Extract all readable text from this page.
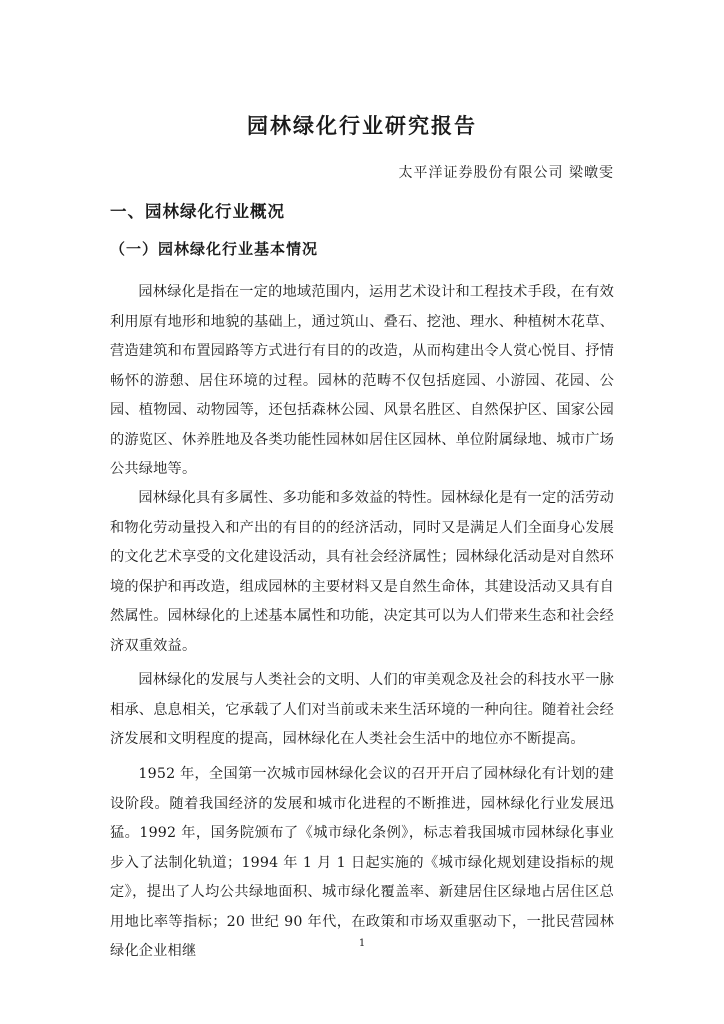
园林绿化行业研究报告

太平洋证券股份有限公司 梁暾雯

一、园林绿化行业概况
（一）园林绿化行业基本情况

园林绿化是指在一定的地域范围内，运用艺术设计和工程技术手段，在有效利用原有地形和地貌的基础上，通过筑山、叠石、挖池、理水、种植树木花草、营造建筑和布置园路等方式进行有目的的改造，从而构建出令人赏心悦目、抒情畅怀的游憩、居住环境的过程。园林的范畴不仅包括庭园、小游园、花园、公园、植物园、动物园等，还包括森林公园、风景名胜区、自然保护区、国家公园的游览区、休养胜地及各类功能性园林如居住区园林、单位附属绿地、城市广场公共绿地等。

园林绿化具有多属性、多功能和多效益的特性。园林绿化是有一定的活劳动和物化劳动量投入和产出的有目的的经济活动，同时又是满足人们全面身心发展的文化艺术享受的文化建设活动，具有社会经济属性；园林绿化活动是对自然环境的保护和再改造，组成园林的主要材料又是自然生命体，其建设活动又具有自然属性。园林绿化的上述基本属性和功能，决定其可以为人们带来生态和社会经济双重效益。

园林绿化的发展与人类社会的文明、人们的审美观念及社会的科技水平一脉相承、息息相关，它承载了人们对当前或未来生活环境的一种向往。随着社会经济发展和文明程度的提高，园林绿化在人类社会生活中的地位亦不断提高。

1952 年，全国第一次城市园林绿化会议的召开开启了园林绿化有计划的建设阶段。随着我国经济的发展和城市化进程的不断推进，园林绿化行业发展迅猛。1992 年，国务院颁布了《城市绿化条例》，标志着我国城市园林绿化事业步入了法制化轨道；1994 年 1 月 1 日起实施的《城市绿化规划建设指标的规定》，提出了人均公共绿地面积、城市绿化覆盖率、新建居住区绿地占居住区总用地比率等指标；20 世纪 90 年代，在政策和市场双重驱动下，一批民营园林绿化企业相继	1
